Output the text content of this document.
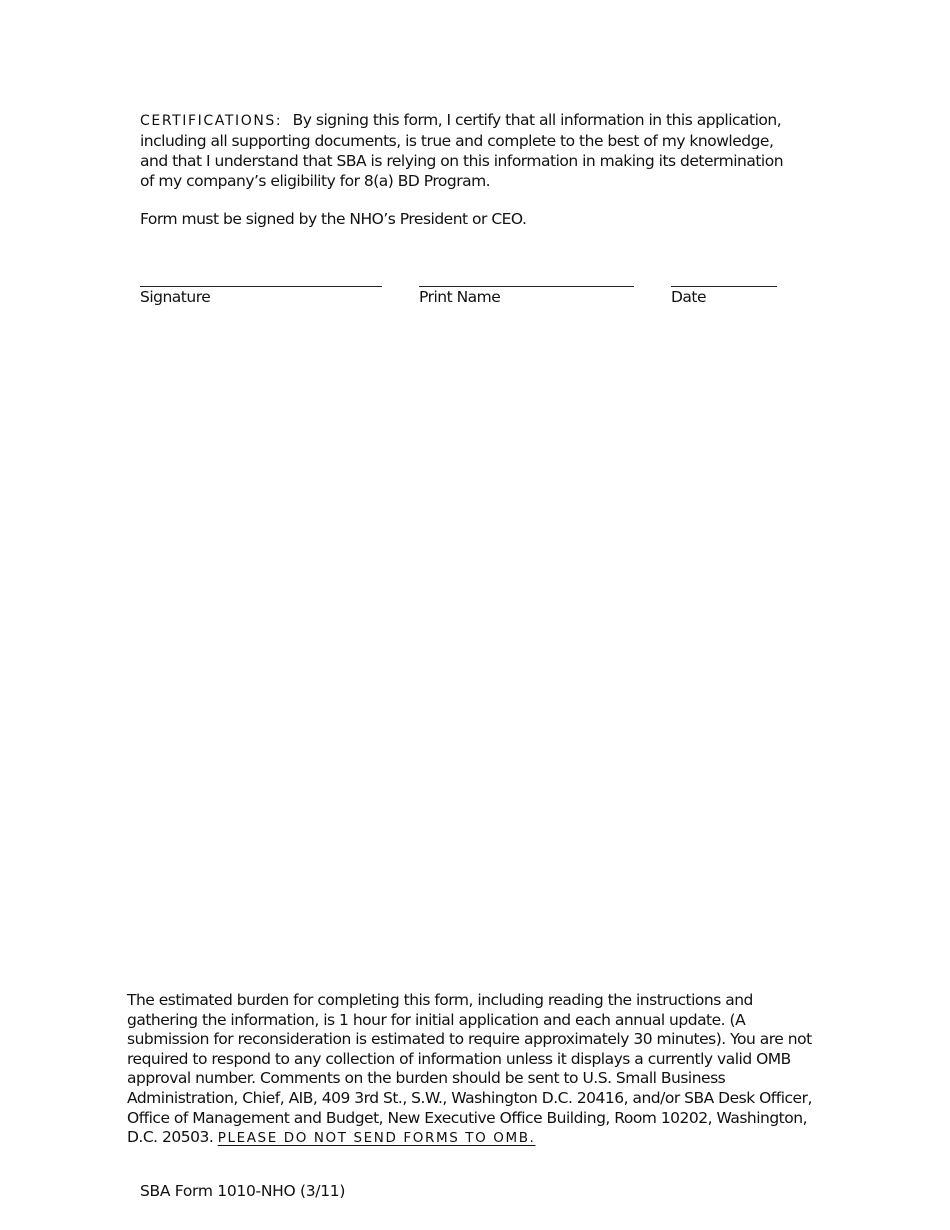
CERTIFICATIONS: By signing this form, I certify that all information in this application, including all supporting documents, is true and complete to the best of my knowledge, and that I understand that SBA is relying on this information in making its determination of my company’s eligibility for 8(a) BD Program.
Form must be signed by the NHO’s President or CEO.
Signature	Print Name	Date
The estimated burden for completing this form, including reading the instructions and gathering the information, is 1 hour for initial application and each annual update. (A submission for reconsideration is estimated to require approximately 30 minutes). You are not required to respond to any collection of information unless it displays a currently valid OMB approval number. Comments on the burden should be sent to U.S. Small Business Administration, Chief, AIB, 409 3rd St., S.W., Washington D.C. 20416, and/or SBA Desk Officer, Office of Management and Budget, New Executive Office Building, Room 10202, Washington, D.C. 20503. PLEASE DO NOT SEND FORMS TO OMB.
SBA Form 1010-NHO (3/11)
